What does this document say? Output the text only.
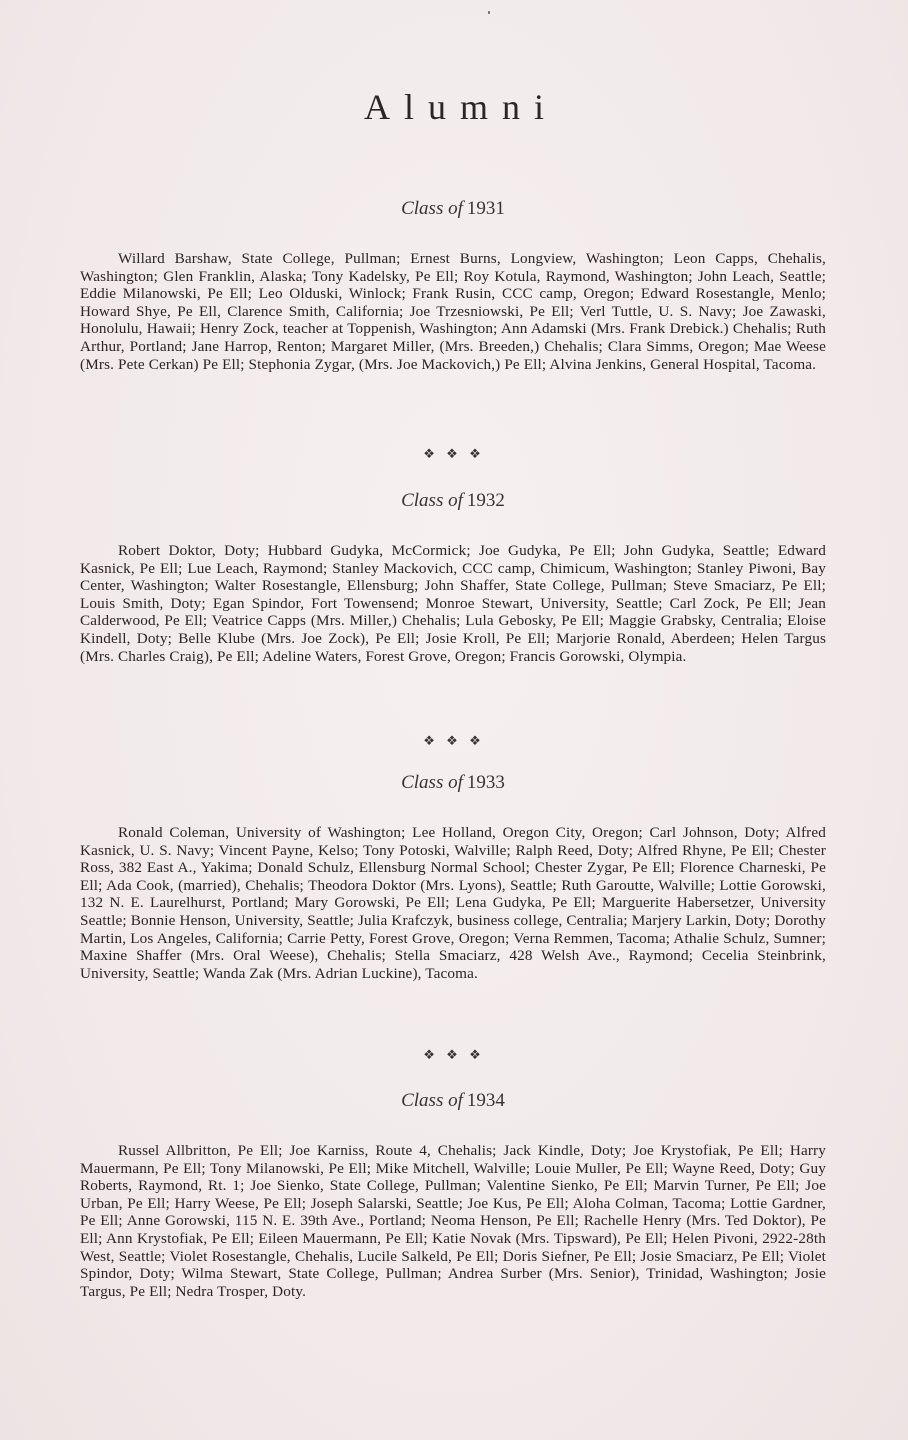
Alumni
Class of 1931

Willard Barshaw, State College, Pullman; Ernest Burns, Longview, Washington; Leon Capps, Chehalis, Washington; Glen Franklin, Alaska; Tony Kadelsky, Pe Ell; Roy Kotula, Raymond, Washington; John Leach, Seattle; Eddie Milanowski, Pe Ell; Leo Olduski, Winlock; Frank Rusin, CCC camp, Oregon; Edward Rosestangle, Menlo; Howard Shye, Pe Ell, Clarence Smith, California; Joe Trzesniowski, Pe Ell; Verl Tuttle, U. S. Navy; Joe Zawaski, Honolulu, Hawaii; Henry Zock, teacher at Toppenish, Washington; Ann Adamski (Mrs. Frank Drebick.) Chehalis; Ruth Arthur, Portland; Jane Harrop, Renton; Margaret Miller, (Mrs. Breeden,) Chehalis; Clara Simms, Oregon; Mae Weese (Mrs. Pete Cerkan) Pe Ell; Stephonia Zygar, (Mrs. Joe Mackovich,) Pe Ell; Alvina Jenkins, General Hospital, Tacoma.

❖ ❖ ❖
Class of 1932

Robert Doktor, Doty; Hubbard Gudyka, McCormick; Joe Gudyka, Pe Ell; John Gudyka, Seattle; Edward Kasnick, Pe Ell; Lue Leach, Raymond; Stanley Mackovich, CCC camp, Chimicum, Washington; Stanley Piwoni, Bay Center, Washington; Walter Rosestangle, Ellensburg; John Shaffer, State College, Pullman; Steve Smaciarz, Pe Ell; Louis Smith, Doty; Egan Spindor, Fort Towensend; Monroe Stewart, University, Seattle; Carl Zock, Pe Ell; Jean Calderwood, Pe Ell; Veatrice Capps (Mrs. Miller,) Chehalis; Lula Gebosky, Pe Ell; Maggie Grabsky, Centralia; Eloise Kindell, Doty; Belle Klube (Mrs. Joe Zock), Pe Ell; Josie Kroll, Pe Ell; Marjorie Ronald, Aberdeen; Helen Targus (Mrs. Charles Craig), Pe Ell; Adeline Waters, Forest Grove, Oregon; Francis Gorowski, Olympia.

❖ ❖ ❖
Class of 1933

Ronald Coleman, University of Washington; Lee Holland, Oregon City, Oregon; Carl Johnson, Doty; Alfred Kasnick, U. S. Navy; Vincent Payne, Kelso; Tony Potoski, Walville; Ralph Reed, Doty; Alfred Rhyne, Pe Ell; Chester Ross, 382 East A., Yakima; Donald Schulz, Ellensburg Normal School; Chester Zygar, Pe Ell; Florence Charneski, Pe Ell; Ada Cook, (married), Chehalis; Theodora Doktor (Mrs. Lyons), Seattle; Ruth Garoutte, Walville; Lottie Gorowski, 132 N. E. Laurelhurst, Portland; Mary Gorowski, Pe Ell; Lena Gudyka, Pe Ell; Marguerite Habersetzer, University Seattle; Bonnie Henson, University, Seattle; Julia Krafczyk, business college, Centralia; Marjery Larkin, Doty; Dorothy Martin, Los Angeles, California; Carrie Petty, Forest Grove, Oregon; Verna Remmen, Tacoma; Athalie Schulz, Sumner; Maxine Shaffer (Mrs. Oral Weese), Chehalis; Stella Smaciarz, 428 Welsh Ave., Raymond; Cecelia Steinbrink, University, Seattle; Wanda Zak (Mrs. Adrian Luckine), Tacoma.

❖ ❖ ❖
Class of 1934

Russel Allbritton, Pe Ell; Joe Karniss, Route 4, Chehalis; Jack Kindle, Doty; Joe Krystofiak, Pe Ell; Harry Mauermann, Pe Ell; Tony Milanowski, Pe Ell; Mike Mitchell, Walville; Louie Muller, Pe Ell; Wayne Reed, Doty; Guy Roberts, Raymond, Rt. 1; Joe Sienko, State College, Pullman; Valentine Sienko, Pe Ell; Marvin Turner, Pe Ell; Joe Urban, Pe Ell; Harry Weese, Pe Ell; Joseph Salarski, Seattle; Joe Kus, Pe Ell; Aloha Colman, Tacoma; Lottie Gardner, Pe Ell; Anne Gorowski, 115 N. E. 39th Ave., Portland; Neoma Henson, Pe Ell; Rachelle Henry (Mrs. Ted Doktor), Pe Ell; Ann Krystofiak, Pe Ell; Eileen Mauermann, Pe Ell; Katie Novak (Mrs. Tipsward), Pe Ell; Helen Pivoni, 2922-28th West, Seattle; Violet Rosestangle, Chehalis, Lucile Salkeld, Pe Ell; Doris Siefner, Pe Ell; Josie Smaciarz, Pe Ell; Violet Spindor, Doty; Wilma Stewart, State College, Pullman; Andrea Surber (Mrs. Senior), Trinidad, Washington; Josie Targus, Pe Ell; Nedra Trosper, Doty.
